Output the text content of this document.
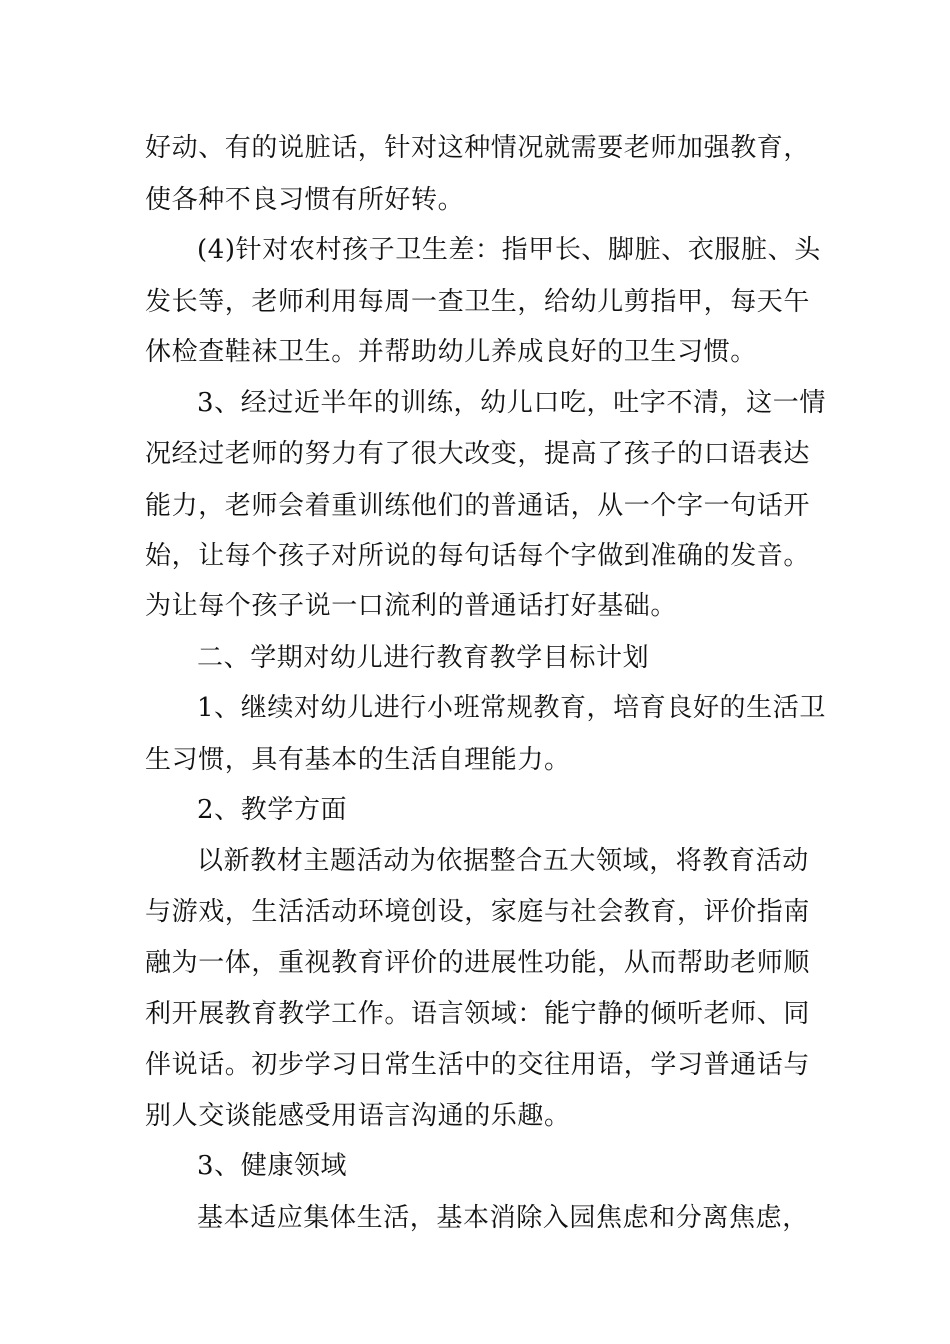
好动、有的说脏话，针对这种情况就需要老师加强教育，
使各种不良习惯有所好转。
(4)针对农村孩子卫生差：指甲长、脚脏、衣服脏、头
发长等，老师利用每周一查卫生，给幼儿剪指甲，每天午
休检查鞋袜卫生。并帮助幼儿养成良好的卫生习惯。
3、经过近半年的训练，幼儿口吃，吐字不清，这一情
况经过老师的努力有了很大改变，提高了孩子的口语表达
能力，老师会着重训练他们的普通话，从一个字一句话开
始，让每个孩子对所说的每句话每个字做到准确的发音。
为让每个孩子说一口流利的普通话打好基础。
二、学期对幼儿进行教育教学目标计划
1、继续对幼儿进行小班常规教育，培育良好的生活卫
生习惯，具有基本的生活自理能力。
2、教学方面
以新教材主题活动为依据整合五大领域，将教育活动
与游戏，生活活动环境创设，家庭与社会教育，评价指南
融为一体，重视教育评价的进展性功能，从而帮助老师顺
利开展教育教学工作。语言领域：能宁静的倾听老师、同
伴说话。初步学习日常生活中的交往用语，学习普通话与
别人交谈能感受用语言沟通的乐趣。
3、健康领域
基本适应集体生活，基本消除入园焦虑和分离焦虑，
